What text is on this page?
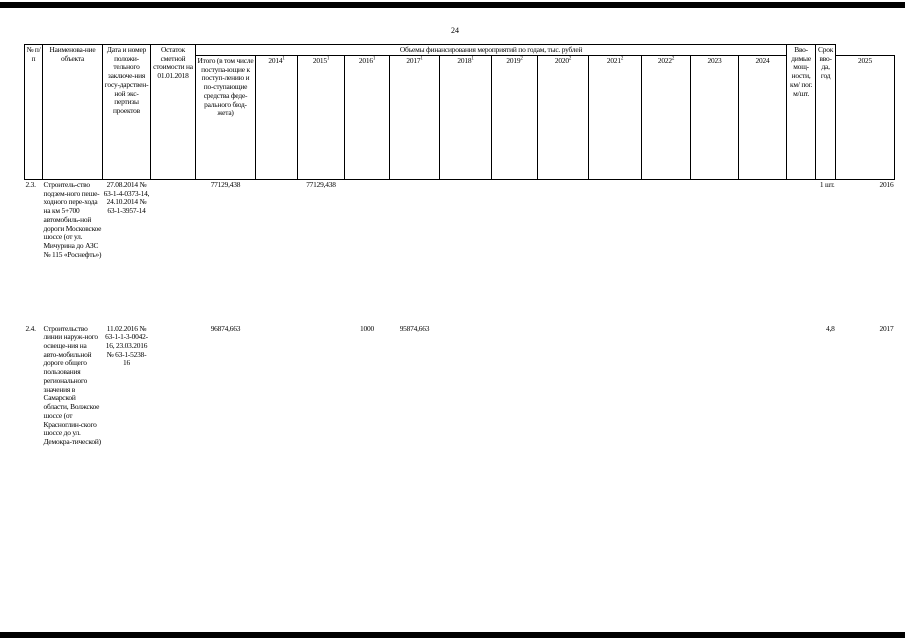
24
№ п/п	Наименова-ние объекта	Дата и номер положи-тельного заключе-ния госу-дарствен-ной экс-пертизы проектов	Остаток сметной стоимости на 01.01.2018	Объемы финансирования мероприятий по годам, тыс. рублей												Вво-димые мощ-ности, км/ пог. м/шт.	Срок вво-да, год	
				Итого (в том числе поступа-ющие к поступ-лению и по-ступающие средства феде-рального бюд-жета)	2014$^1$	2015$^1$	2016$^1$	2017$^1$	2018$^1$	2019$^2$	2020$^2$	2021$^2$	2022$^2$	2023	2024			2025
2.3.	Строитель-ство подзем-ного пеше-ходного пере-хода на км 5+700 автомобиль-ной дороги Московское шоссе (от ул. Мичурина до АЗС № 115 «Роснефть»)	27.08.2014 № 63-1-4-0373-14, 24.10.2014 № 63-1-3957-14		77129,438		77129,438											1 шт.	2016
2.4.	Строительство линии наруж-ного освеще-ния на авто-мобильной дороге общего пользования регионального значения в Самарской области, Волжское шоссе (от Красноглин-ского шоссе до ул. Демокра-тической)	11.02.2016 № 63-1-1-3-0042-16, 23.03.2016 № 63-1-5238-16		96874,663			1000	95874,663									4,8	2017
